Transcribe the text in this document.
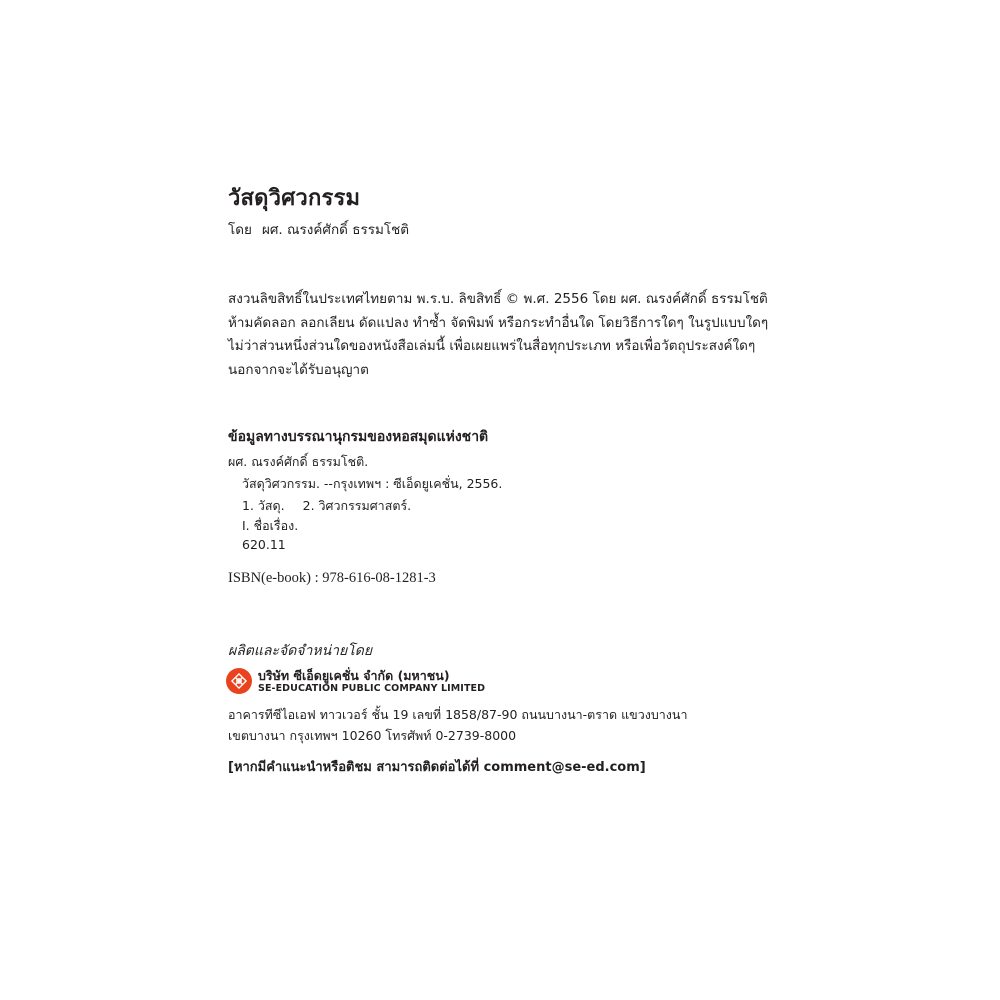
วัสดุวิศวกรรม
โดย ผศ. ณรงค์ศักดิ์ ธรรมโชติ
สงวนลิขสิทธิ์ในประเทศไทยตาม พ.ร.บ. ลิขสิทธิ์ © พ.ศ. 2556 โดย ผศ. ณรงค์ศักดิ์ ธรรมโชติ
ห้ามคัดลอก ลอกเลียน ดัดแปลง ทำซ้ำ จัดพิมพ์ หรือกระทำอื่นใด โดยวิธีการใดๆ ในรูปแบบใดๆ
ไม่ว่าส่วนหนึ่งส่วนใดของหนังสือเล่มนี้ เพื่อเผยแพร่ในสื่อทุกประเภท หรือเพื่อวัตถุประสงค์ใดๆ
นอกจากจะได้รับอนุญาต
ข้อมูลทางบรรณานุกรมของหอสมุดแห่งชาติ
ผศ. ณรงค์ศักดิ์ ธรรมโชติ.
วัสดุวิศวกรรม. --กรุงเทพฯ : ซีเอ็ดยูเคชั่น, 2556.
1. วัสดุ. 2. วิศวกรรมศาสตร์.
I. ชื่อเรื่อง.
620.11
ISBN(e-book) : 978-616-08-1281-3
ผลิตและจัดจำหน่ายโดย
บริษัท ซีเอ็ดยูเคชั่น จำกัด (มหาชน)
SE-EDUCATION PUBLIC COMPANY LIMITED
อาคารทีซีไอเอฟ ทาวเวอร์ ชั้น 19 เลขที่ 1858/87-90 ถนนบางนา-ตราด แขวงบางนา
เขตบางนา กรุงเทพฯ 10260 โทรศัพท์ 0-2739-8000
[หากมีคำแนะนำหรือติชม สามารถติดต่อได้ที่ comment@se-ed.com]
